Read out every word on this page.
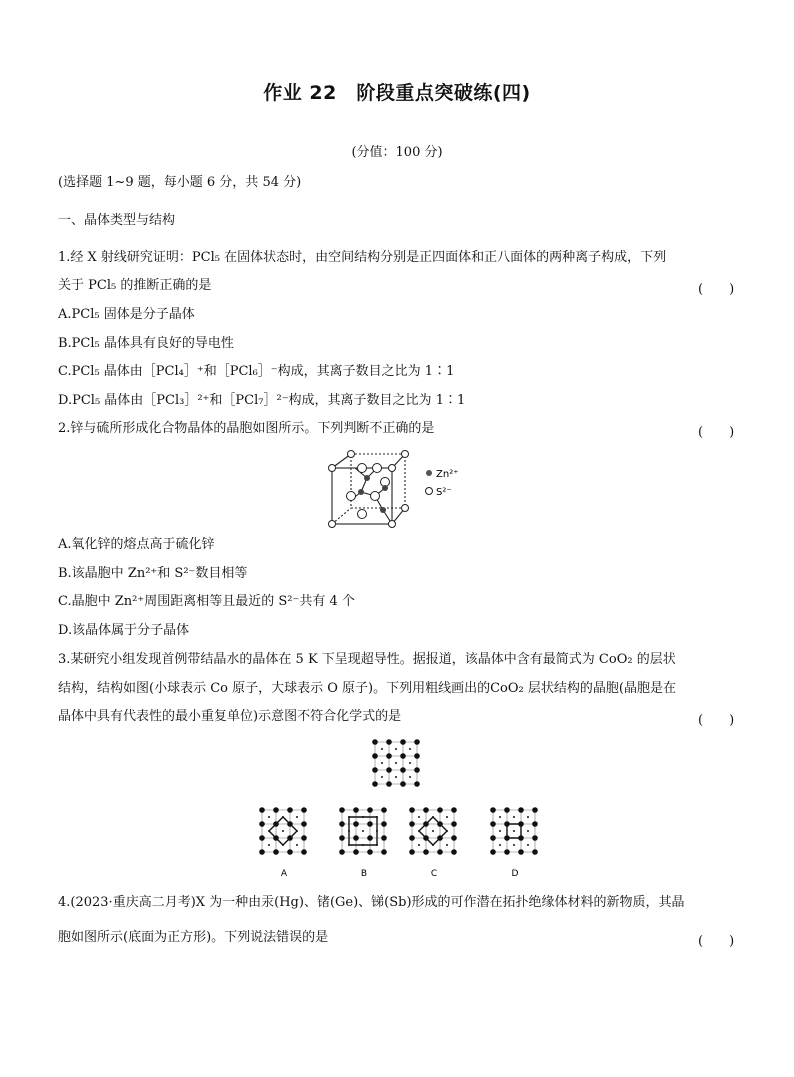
作业 22　阶段重点突破练(四)
(分值：100 分)
(选择题 1~9 题，每小题 6 分，共 54 分)
一、晶体类型与结构
1.经 X 射线研究证明：PCl₅ 在固体状态时，由空间结构分别是正四面体和正八面体的两种离子构成，下列
关于 PCl₅ 的推断正确的是	(　　)
A.PCl₅ 固体是分子晶体
B.PCl₅ 晶体具有良好的导电性
C.PCl₅ 晶体由［PCl₄］⁺和［PCl₆］⁻构成，其离子数目之比为 1∶1
D.PCl₅ 晶体由［PCl₃］²⁺和［PCl₇］²⁻构成，其离子数目之比为 1∶1
2.锌与硫所形成化合物晶体的晶胞如图所示。下列判断不正确的是	(　　)
Zn²⁺
S²⁻
A.氧化锌的熔点高于硫化锌
B.该晶胞中 Zn²⁺和 S²⁻数目相等
C.晶胞中 Zn²⁺周围距离相等且最近的 S²⁻共有 4 个
D.该晶体属于分子晶体
3.某研究小组发现首例带结晶水的晶体在 5 K 下呈现超导性。据报道，该晶体中含有最简式为 CoO₂ 的层状
结构，结构如图(小球表示 Co 原子，大球表示 O 原子)。下列用粗线画出的CoO₂ 层状结构的晶胞(晶胞是在
晶体中具有代表性的最小重复单位)示意图不符合化学式的是	(　　)
A	B	C	D
4.(2023·重庆高二月考)X 为一种由汞(Hg)、锗(Ge)、锑(Sb)形成的可作潜在拓扑绝缘体材料的新物质，其晶
胞如图所示(底面为正方形)。下列说法错误的是	(　　)
